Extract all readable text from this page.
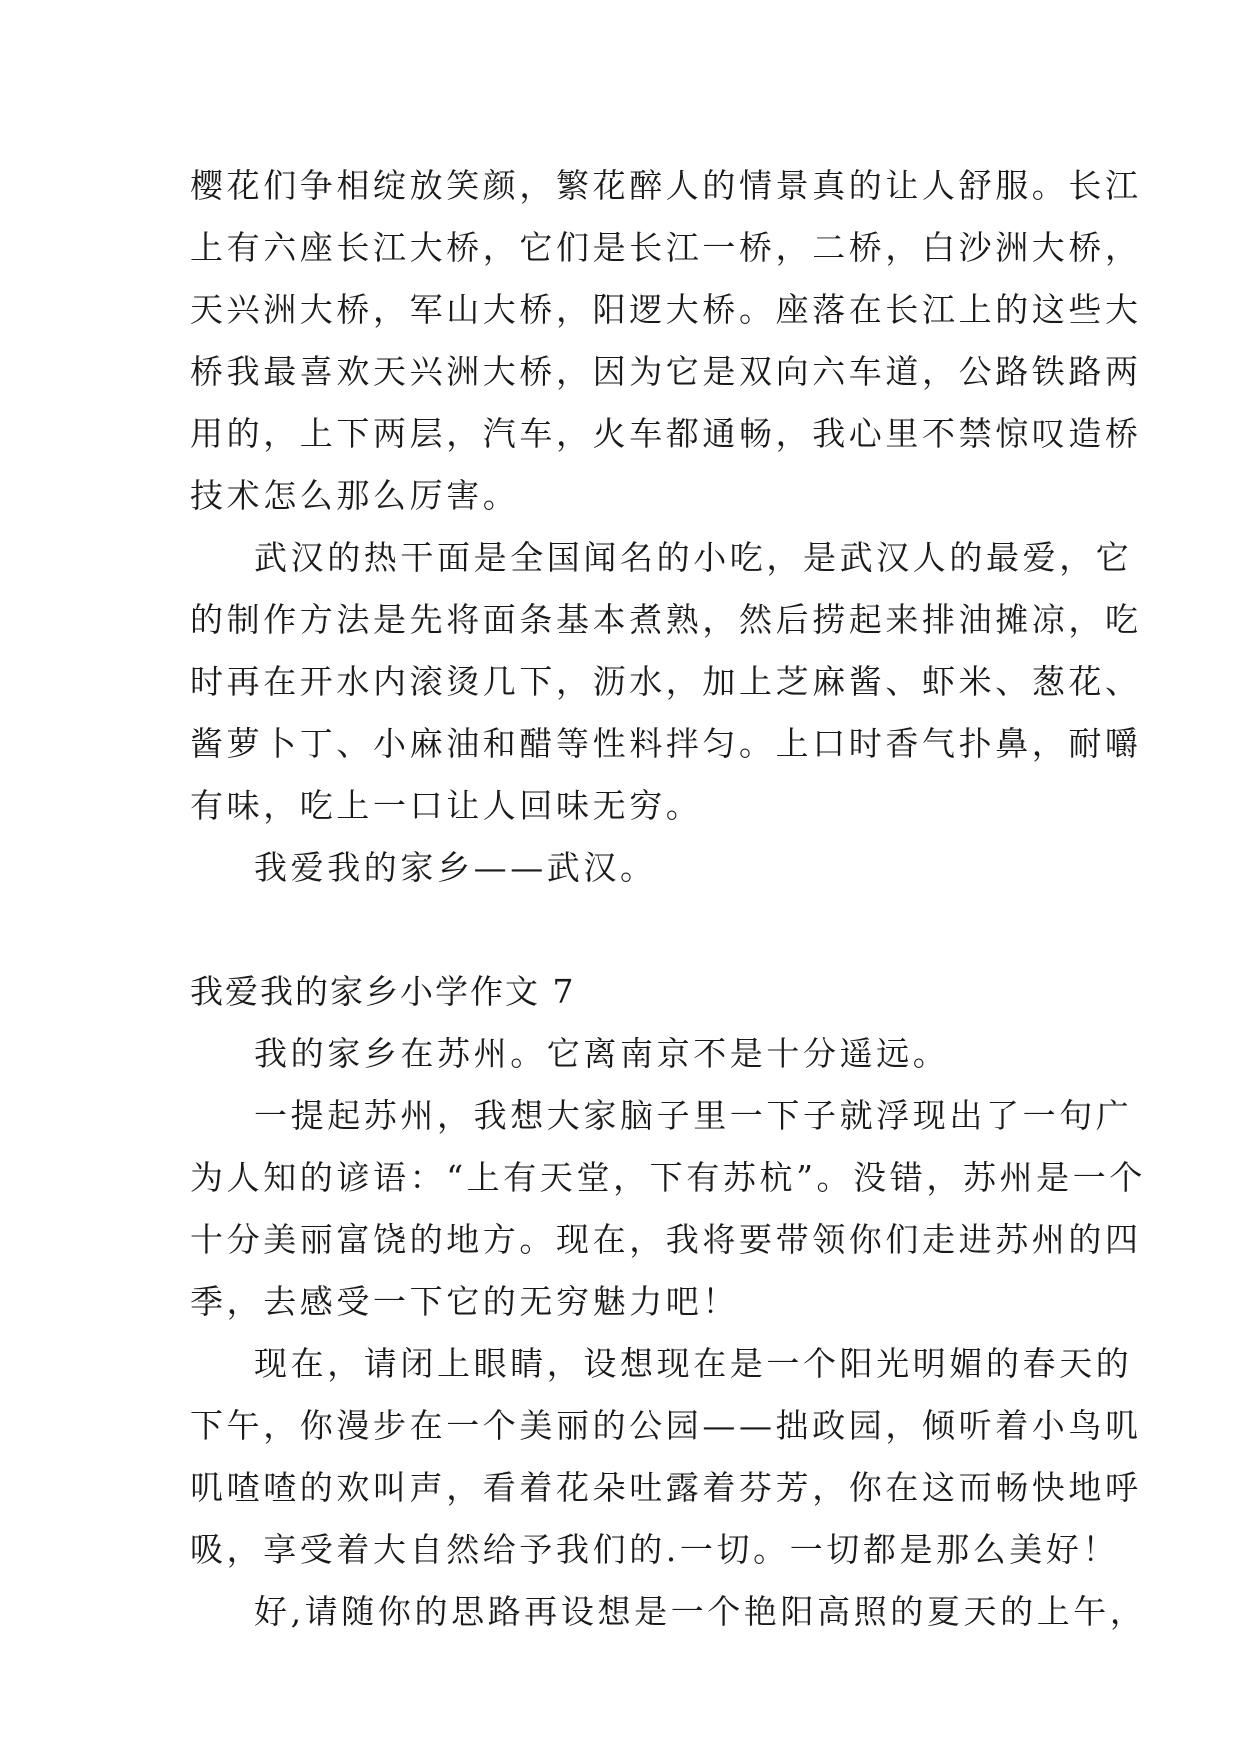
樱花们争相绽放笑颜，繁花醉人的情景真的让人舒服。长江
上有六座长江大桥，它们是长江一桥，二桥，白沙洲大桥，
天兴洲大桥，军山大桥，阳逻大桥。座落在长江上的这些大
桥我最喜欢天兴洲大桥，因为它是双向六车道，公路铁路两
用的，上下两层，汽车，火车都通畅，我心里不禁惊叹造桥
技术怎么那么厉害。
武汉的热干面是全国闻名的小吃，是武汉人的最爱，它
的制作方法是先将面条基本煮熟，然后捞起来排油摊凉，吃
时再在开水内滚烫几下，沥水，加上芝麻酱、虾米、葱花、
酱萝卜丁、小麻油和醋等性料拌匀。上口时香气扑鼻，耐嚼
有味，吃上一口让人回味无穷。
我爱我的家乡——武汉。
我爱我的家乡小学作文 7
我的家乡在苏州。它离南京不是十分遥远。
一提起苏州，我想大家脑子里一下子就浮现出了一句广
为人知的谚语：“上有天堂，下有苏杭”。没错，苏州是一个
十分美丽富饶的地方。现在，我将要带领你们走进苏州的四
季，去感受一下它的无穷魅力吧！
现在，请闭上眼睛，设想现在是一个阳光明媚的春天的
下午，你漫步在一个美丽的公园——拙政园，倾听着小鸟叽
叽喳喳的欢叫声，看着花朵吐露着芬芳，你在这而畅快地呼
吸，享受着大自然给予我们的.一切。一切都是那么美好！
好,请随你的思路再设想是一个艳阳高照的夏天的上午，
